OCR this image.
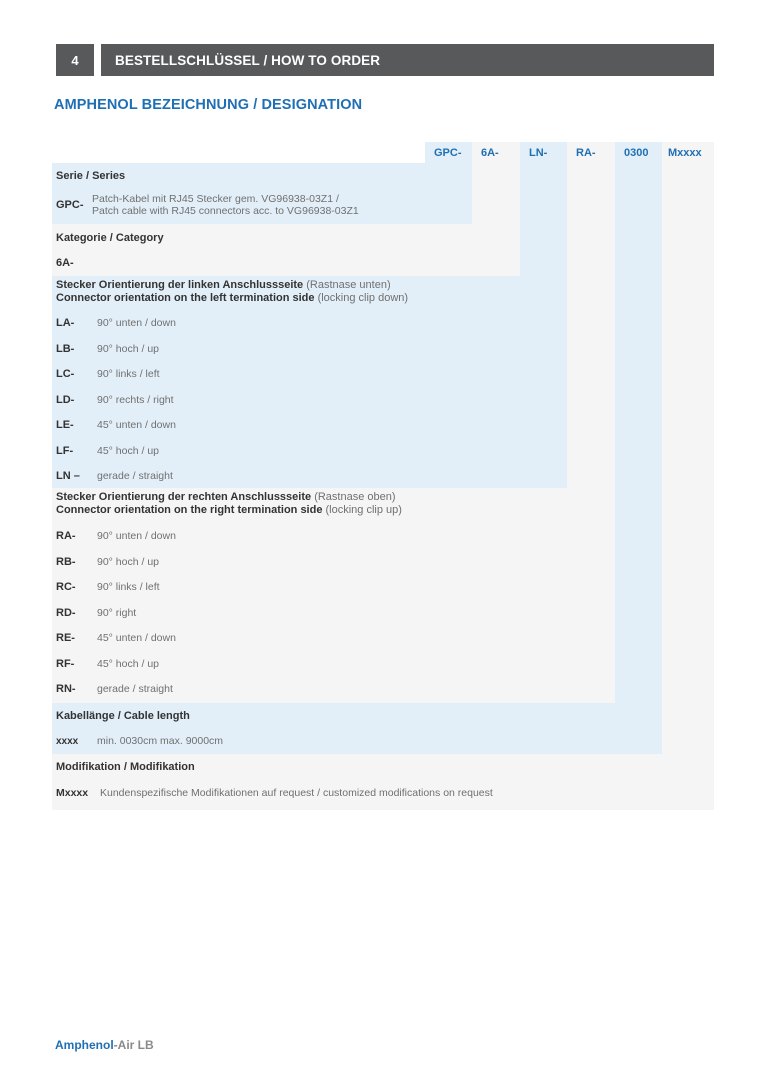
4	BESTELLSCHLÜSSEL / HOW TO ORDER
AMPHENOL BEZEICHNUNG / DESIGNATION
GPC-	6A-	LN-	RA-	0300	Mxxxx
Serie / Series
GPC- Patch-Kabel mit RJ45 Stecker gem. VG96938-03Z1 /
Patch cable with RJ45 connectors acc. to VG96938-03Z1
Kategorie / Category
6A-
Stecker Orientierung der linken Anschlussseite (Rastnase unten)
Connector orientation on the left termination side (locking clip down)
LA-	90° unten / down
LB-	90° hoch / up
LC-	90° links / left
LD-	90° rechts / right
LE-	45° unten / down
LF-	45° hoch / up
LN –	gerade / straight
Stecker Orientierung der rechten Anschlussseite (Rastnase oben)
Connector orientation on the right termination side (locking clip up)
RA-	90° unten / down
RB-	90° hoch / up
RC-	90° links / left
RD-	90° right
RE-	45° unten / down
RF-	45° hoch / up
RN-	gerade / straight
Kabellänge / Cable length
xxxx	min. 0030cm max. 9000cm
Modifikation / Modifikation
Mxxxx	Kundenspezifische Modifikationen auf request / customized modifications on request
Amphenol-Air LB
